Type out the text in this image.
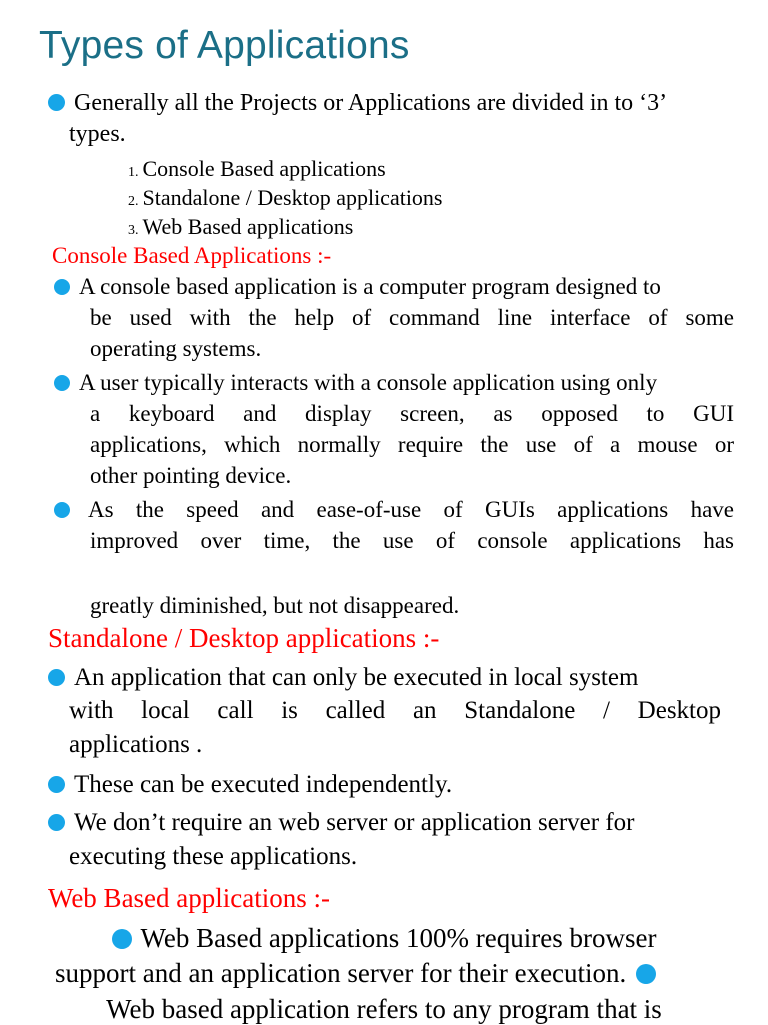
Types of Applications
Generally all the Projects or Applications are divided in to ‘3’
types.
1. Console Based applications
2. Standalone / Desktop applications
3. Web Based applications
Console Based Applications :-
A console based application is a computer program designed to
be used with the help of command line interface of some
operating systems.
A user typically interacts with a console application using only
a keyboard and display screen, as opposed to GUI
applications, which normally require the use of a mouse or
other pointing device.
As the speed and ease-of-use of GUIs applications have
improved over time, the use of console applications has
greatly diminished, but not disappeared.
Standalone / Desktop applications :-
An application that can only be executed in local system
with local call is called an Standalone / Desktop
applications .
These can be executed independently.
We don’t require an web server or application server for
executing these applications.
Web Based applications :-
Web Based applications 100% requires browser
support and an application server for their execution.
Web based application refers to any program that is
